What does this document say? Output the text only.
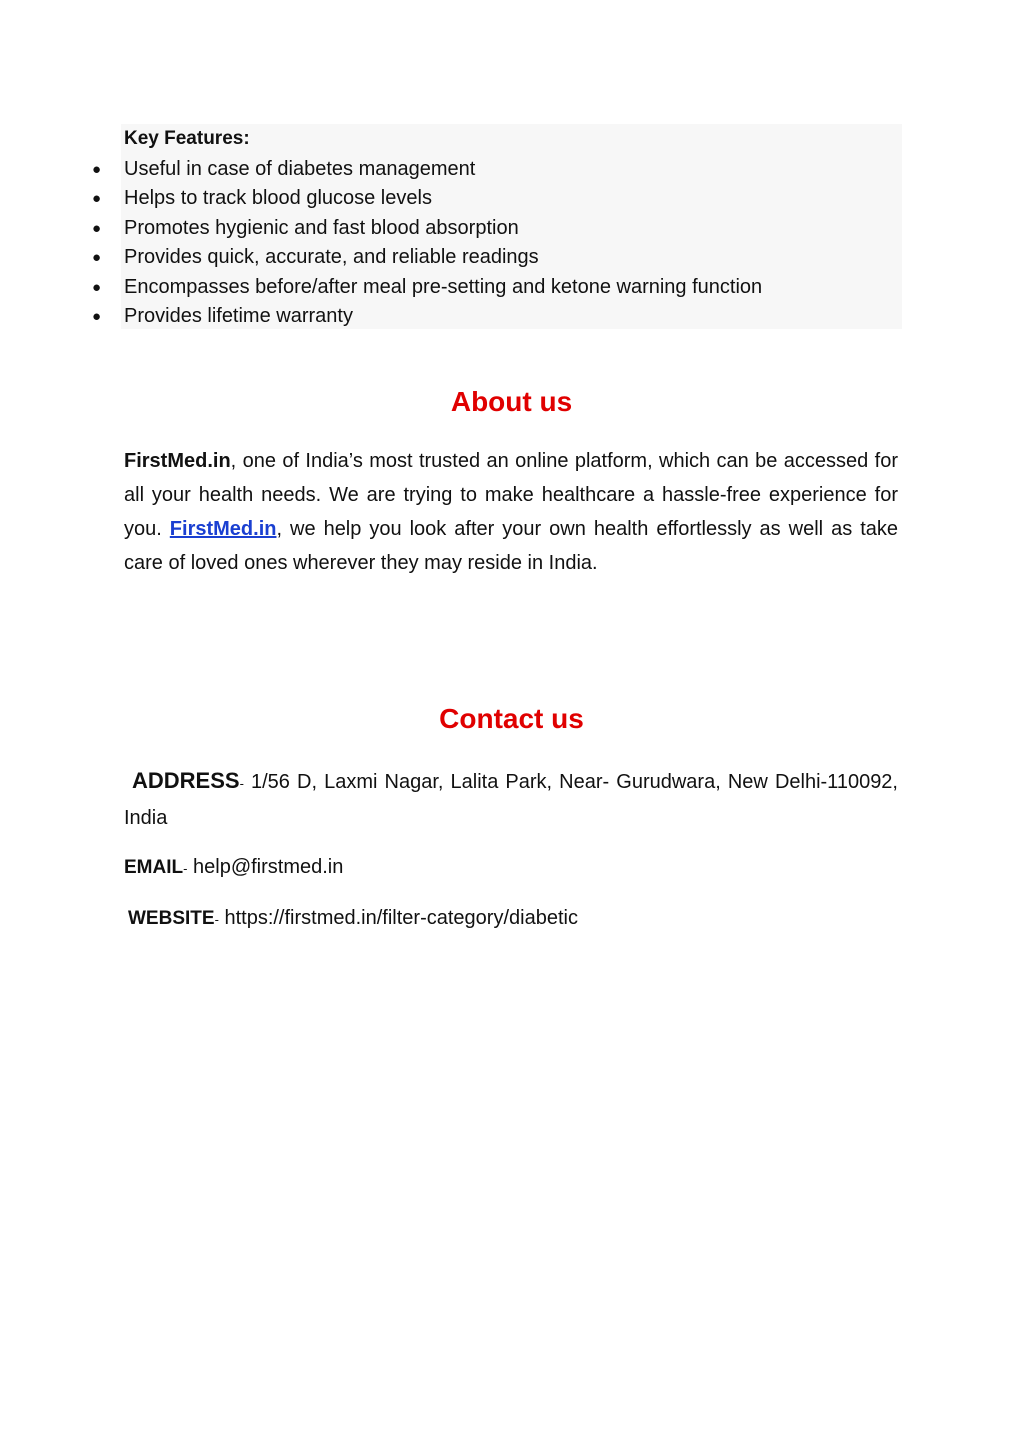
Key Features:
● Useful in case of diabetes management
● Helps to track blood glucose levels
● Promotes hygienic and fast blood absorption
● Provides quick, accurate, and reliable readings
● Encompasses before/after meal pre-setting and ketone warning function
● Provides lifetime warranty
About us

FirstMed.in, one of India’s most trusted an online platform, which can be accessed for all your health needs. We are trying to make healthcare a hassle-free experience for you. FirstMed.in, we help you look after your own health effortlessly as well as take care of loved ones wherever they may reside in India.

Contact us
ADDRESS- 1/56 D, Laxmi Nagar, Lalita Park, Near- Gurudwara, New Delhi-110092, India
EMAIL- help@firstmed.in
WEBSITE- https://firstmed.in/filter-category/diabetic
